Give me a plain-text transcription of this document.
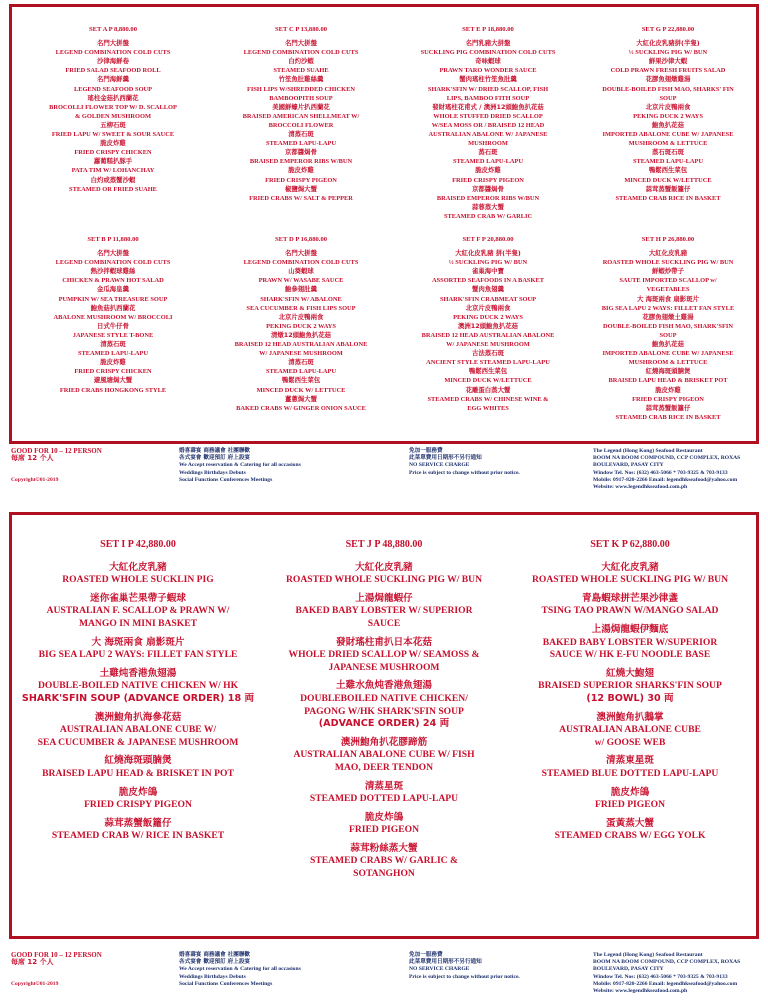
SET A P 8,880.00

名門大拼盤
LEGEND COMBINATION COLD CUTS
沙律海鮮卷
FRIED SALAD SEAFOOD ROLL
名門海鮮羹
LEGEND SEAFOOD SOUP
瑤柱金菇扒西蘭花
BROCOLLI FLOWER TOP W/ D. SCALLOP
& GOLDEN MUSHROOM
五柳石斑
FRIED LAPU W/ SWEET & SOUR SAUCE
脆皮炸雞
FRIED CRISPY CHICKEN
蘿蔔糕扒豚手
PATA TIM W/ LOHANCHAY
白灼或蒸蟹沙蝦
STEAMED OR FRIED SUAHE
SET B P 11,880.00

名門大拼盤
LEGEND COMBINATION COLD CUTS
熱沙拌蝦球雞絲
CHICKEN & PRAWN HOT SALAD
金瓜海皇羹
PUMPKIN W/ SEA TREASURE SOUP
鮑魚菇扒西蘭花
ABALONE MUSHROOM W/ BROCCOLI
日式牛仔骨
JAPANESE STYLE T-BONE
清蒸石斑
STEAMED LAPU-LAPU
脆皮炸雞
FRIED CRISPY CHICKEN
避風塘焗大蟹
FRIED CRABS HONGKONG STYLE
SET C P 13,880.00

名門大拼盤
LEGEND COMBINATION COLD CUTS
白灼沙蝦
STEAMED SUAHE
竹笙魚肚雞絲羹
FISH LIPS W/SHREDDED CHICKEN
BAMBOOPITH SOUP
美國鮮蠔片扒西蘭花
BRAISED AMERICAN SHELLMEAT W/
BROCCOLI FLOWER
清蒸石斑
STEAMED LAPU-LAPU
京都醬焗骨
BRAISED EMPEROR RIBS W/BUN
脆皮炸雞
FRIED CRISPY PIGEON
椒鹽焗大蟹
FRIED CRABS W/ SALT & PEPPER
SET D P 16,880.00

名門大拼盤
LEGEND COMBINATION COLD CUTS
山葵蝦球
PRAWN W/ WASABE SAUCE
鮑參翅肚羹
SHARK'SFIN W/ ABALONE
SEA CUCUMBER & FISH LIPS SOUP
北京片皮鴨兩食
PEKING DUCK 2 WAYS
清燉12頭鮑魚扒花菇
BRAISED 12 HEAD AUSTRALIAN ABALONE
W/ JAPANESE MUSHROOM
清蒸石斑
STEAMED LAPU-LAPU
鴨鬆西生菜包
MINCED DUCK W/ LETTUCE
薑蔥焗大蟹
BAKED CRABS W/ GINGER ONION SAUCE
SET E P 18,880.00

名門乳豬大拼盤
SUCKLING PIG COMBINATION COLD CUTS
奇味蝦球
PRAWN TARO WONDER SAUCE
蟹肉瑤柱竹笙魚肚羹
SHARK'SFIN W/ DRIED SCALLOP, FISH
LIPS, BAMBOO FITH SOUP
發財瑤柱花甫式 / 澳洲12頭鮑魚扒花菇
WHOLE STUFFED DRIED SCALLOP
W/SEA MOSS OR / BRAISED 12 HEAD
AUSTRALIAN ABALONE W/ JAPANESE
MUSHROOM
蒸石斑
STEAMED LAPU-LAPU
脆皮炸雞
FRIED CRISPY PIGEON
京都醬焗骨
BRAISED EMPEROR RIBS W/BUN
蒜蓉蒸大蟹
STEAMED CRAB W/ GARLIC
SET F P 20,880.00

大紅化皮乳豬 拼(半隻)
½ SUCKLING PIG W/ BUN
雀巢海中寶
ASSORTED SEAFOODS IN A BASKET
蟹肉魚翅羹
SHARK'SFIN CRABMEAT SOUP
北京片皮鴨兩食
PEKING DUCK 2 WAYS
澳洲12頭鮑魚扒花菇
BRAISED 12 HEAD AUSTRALIAN ABALONE
W/ JAPANESE MUSHROOM
古法蒸石斑
ANCIENT STYLE STEAMED LAPU-LAPU
鴨鬆西生菜包
MINCED DUCK W/LETTUCE
花雕蛋白蒸大蟹
STEAMED CRABS W/ CHINESE WINE &
EGG WHITES
SET G P 22,880.00

大紅化皮乳豬拼(半隻)
½ SUCKLING PIG W/ BUN
鮮果沙律大蝦
COLD PRAWN FRESH FRUITS SALAD
花膠魚翅燉雞湯
DOUBLE-BOILED FISH MAO, SHARKS' FIN
SOUP
北京片皮鴨兩食
PEKING DUCK 2 WAYS
鮑魚扒花菇
IMPORTED ABALONE CUBE W/ JAPANESE
MUSHROOM & LETTUCE
蒸石斑石斑
STEAMED LAPU-LAPU
鴨鬆西生菜包
MINCED DUCK W/LETTUCE
蒜茸蒸蟹飯籮仔
STEAMED CRAB RICE IN BASKET
SET H P 26,880.00

大紅化皮乳豬
ROASTED WHOLE SUCKLING PIG W/ BUN
鮮蝦炒帶子
SAUTE IMPORTED SCALLOP w/
VEGETABLES
大 海斑兩食 扇影斑片
BIG SEA LAPU 2 WAYS: FILLET FAN STYLE
花膠魚翅燉土雞湯
DOUBLE-BOILED FISH MAO, SHARK'SFIN
SOUP
鮑魚扒花菇
IMPORTED ABALONE CUBE W/ JAPANESE
MUSHROOM & LETTUCE
紅燒海斑頭腩煲
BRAISED LAPU HEAD & BRISKET POT
脆皮炸雞
FRIED CRISPY PIGEON
蒜茸蒸蟹飯籮仔
STEAMED CRAB RICE IN BASKET
SET I P 42,880.00
大紅化皮乳豬
ROASTED WHOLE SUCKLIN PIG
迷你雀巢芒果帶子蝦球
AUSTRALIAN F. SCALLOP & PRAWN W/
MANGO IN MINI BASKET
大 海斑兩食 扇影斑片
BIG SEA LAPU 2 WAYS: FILLET FAN STYLE
土雞炖香港魚翅湯
DOUBLE-BOILED NATIVE CHICKEN W/ HK
SHARK'SFIN SOUP (ADVANCE ORDER) 18 両
澳洲鮑角扒海參花菇
AUSTRALIAN ABALONE CUBE W/
SEA CUCUMBER & JAPANESE MUSHROOM
紅燒海斑頭腩煲
BRAISED LAPU HEAD & BRISKET IN POT
脆皮炸鴿
FRIED CRISPY PIGEON
蒜茸蒸蟹飯籮仔
STEAMED CRAB W/ RICE IN BASKET
SET J P 48,880.00
大紅化皮乳豬
ROASTED WHOLE SUCKLING PIG W/ BUN
上湯焗龍蝦仔
BAKED BABY LOBSTER W/ SUPERIOR
SAUCE
發財瑤柱甫扒日本花菇
WHOLE DRIED SCALLOP W/ SEAMOSS &
JAPANESE MUSHROOM
土雞水魚炖香港魚翅湯
DOUBLEBOILED NATIVE CHICKEN/
PAGONG W/HK SHARK'SFIN SOUP
(ADVANCE ORDER) 24 両
澳洲鮑角扒花膠蹄筋
AUSTRALIAN ABALONE CUBE W/ FISH
MAO, DEER TENDON
清蒸星斑
STEAMED DOTTED LAPU-LAPU
脆皮炸鴿
FRIED PIGEON
蒜茸粉絲蒸大蟹
STEAMED CRABS W/ GARLIC &
SOTANGHON
SET K P 62,880.00
大紅化皮乳豬
ROASTED WHOLE SUCKLING PIG W/ BUN
青島蝦球拼芒果沙律盞
TSING TAO PRAWN W/MANGO SALAD
上湯焗龍蝦伊麵底
BAKED BABY LOBSTER W/SUPERIOR
SAUCE W/ HK E-FU NOODLE BASE
紅燒大鮑翅
BRAISED SUPERIOR SHARKS'FIN SOUP
(12 BOWL) 30 両
澳洲鮑角扒鵝掌
AUSTRALIAN ABALONE CUBE
w/ GOOSE WEB
清蒸東星斑
STEAMED BLUE DOTTED LAPU-LAPU
脆皮炸鴿
FRIED PIGEON
蛋黃蒸大蟹
STEAMED CRABS W/ EGG YOLK
GOOD FOR 10 – 12 PERSON
每席 12 个人

Copyright©01-2019
婚喜壽宴 商務議會 社團聯歡
各式宴會 歡迎預訂 府上設宴
We Accept reservation & Catering for all occasions
Weddings Birthdays Debuts
Social Functions Conferences Meetings
免加一服務費
此菜單費用日期形不另行通知
NO SERVICE CHARGE
Price is subject to change without prior notice.
The Legend (Hong Kong) Seafood Restaurant
BOOM NA BOOM COMPOUND, CCP COMPLEX, ROXAS
BOULEVARD, PASAY CITY
Window Tel. Nos: (632) 463-5066 * 703-9325 & 703-9133
Mobile: 0917-820-2266 Email: legendhkseafood@yahoo.com
Website: www.legendhkseafood.com.ph
GOOD FOR 10 – 12 PERSON
每席 12 个人

Copyright©01-2019
婚喜壽宴 商務議會 社團聯歡
各式宴會 歡迎預訂 府上設宴
We Accept reservation & Catering for all occasions
Weddings Birthdays Debuts
Social Functions Conferences Meetings
免加一服務費
此菜單費用日期形不另行通知
NO SERVICE CHARGE
Price is subject to change without prior notice.
The Legend (Hong Kong) Seafood Restaurant
BOOM NA BOOM COMPOUND, CCP COMPLEX, ROXAS
BOULEVARD, PASAY CITY
Window Tel. Nos: (632) 463-5066 * 703-9325 & 703-9133
Mobile: 0917-820-2266 Email: legendhkseafood@yahoo.com
Website: www.legendhkseafood.com.ph
